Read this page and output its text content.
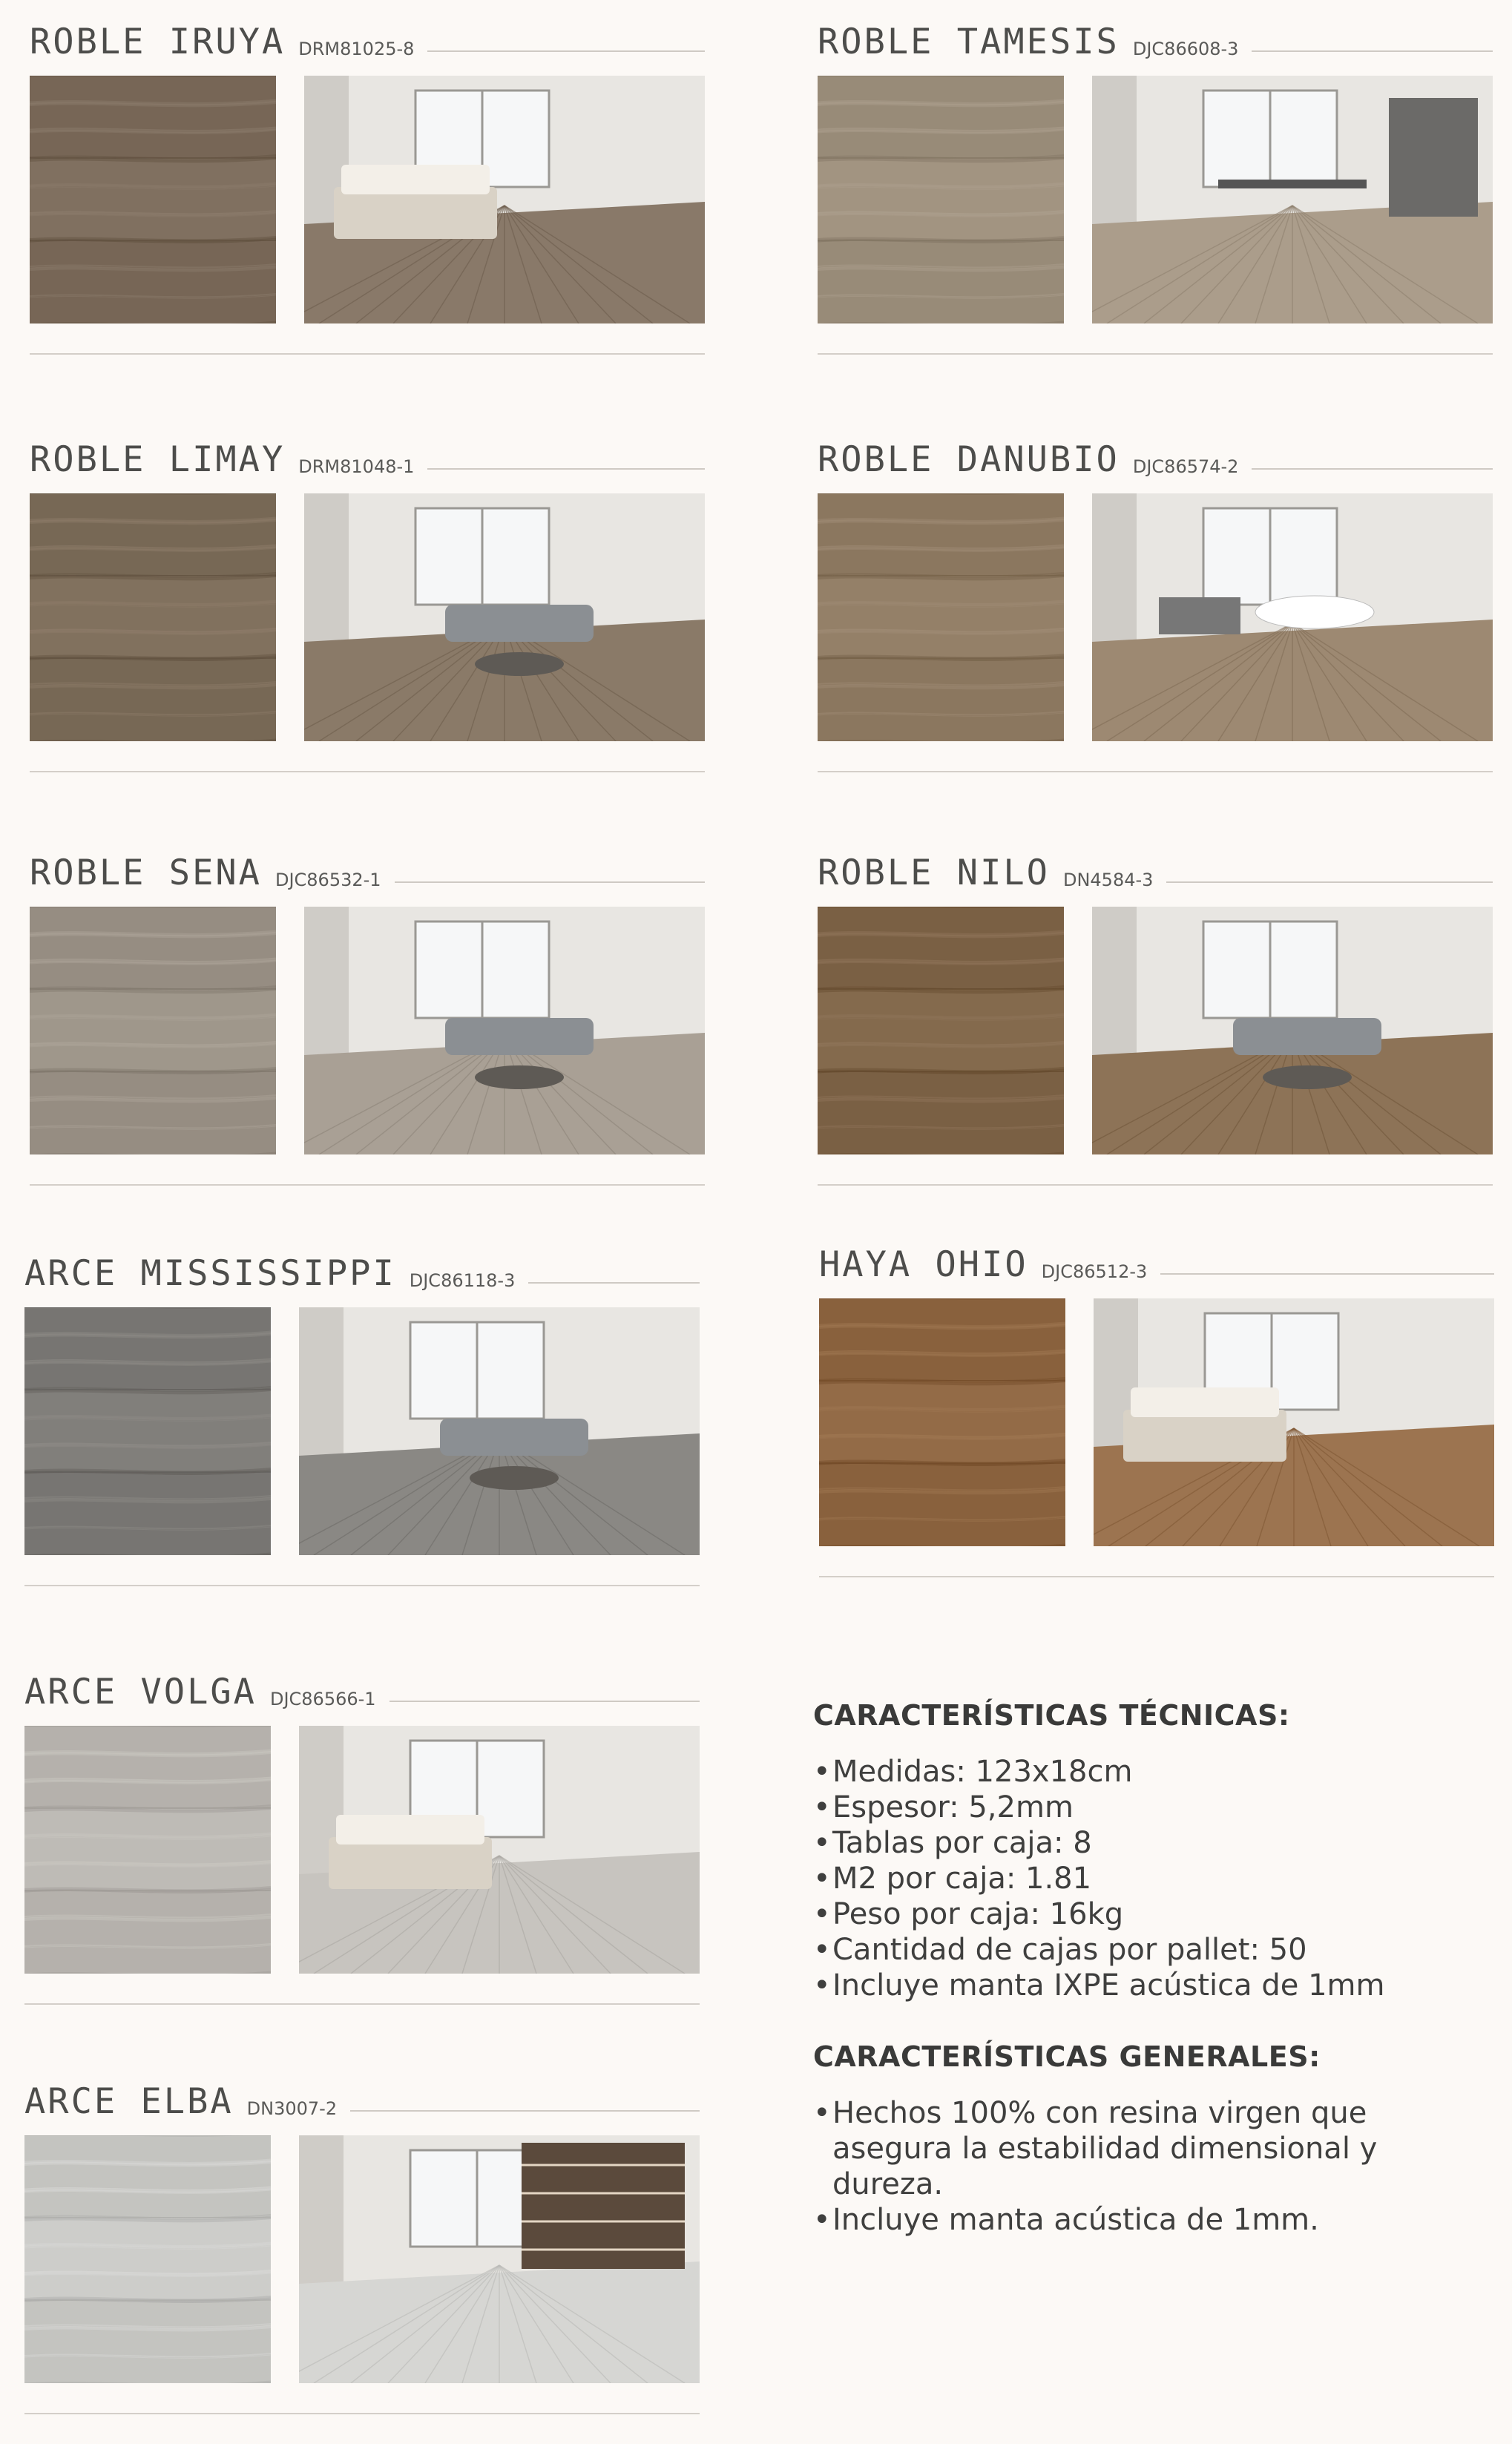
ROBLE IRUYA DRM81025-8	ROBLE TAMESIS DJC86608-3
ROBLE LIMAY DRM81048-1	ROBLE DANUBIO DJC86574-2
ROBLE SENA DJC86532-1	ROBLE NILO DN4584-3
ARCE MISSISSIPPI DJC86118-3	HAYA OHIO DJC86512-3
ARCE VOLGA DJC86566-1
ARCE ELBA DN3007-2
CARACTERÍSTICAS TÉCNICAS:
• Medidas: 123x18cm
• Espesor: 5,2mm
• Tablas por caja: 8
• M2 por caja: 1.81
• Peso por caja: 16kg
• Cantidad de cajas por pallet: 50
• Incluye manta IXPE acústica de 1mm
CARACTERÍSTICAS GENERALES:
• Hechos 100% con resina virgen que asegura la estabilidad dimensional y dureza.
• Incluye manta acústica de 1mm.
